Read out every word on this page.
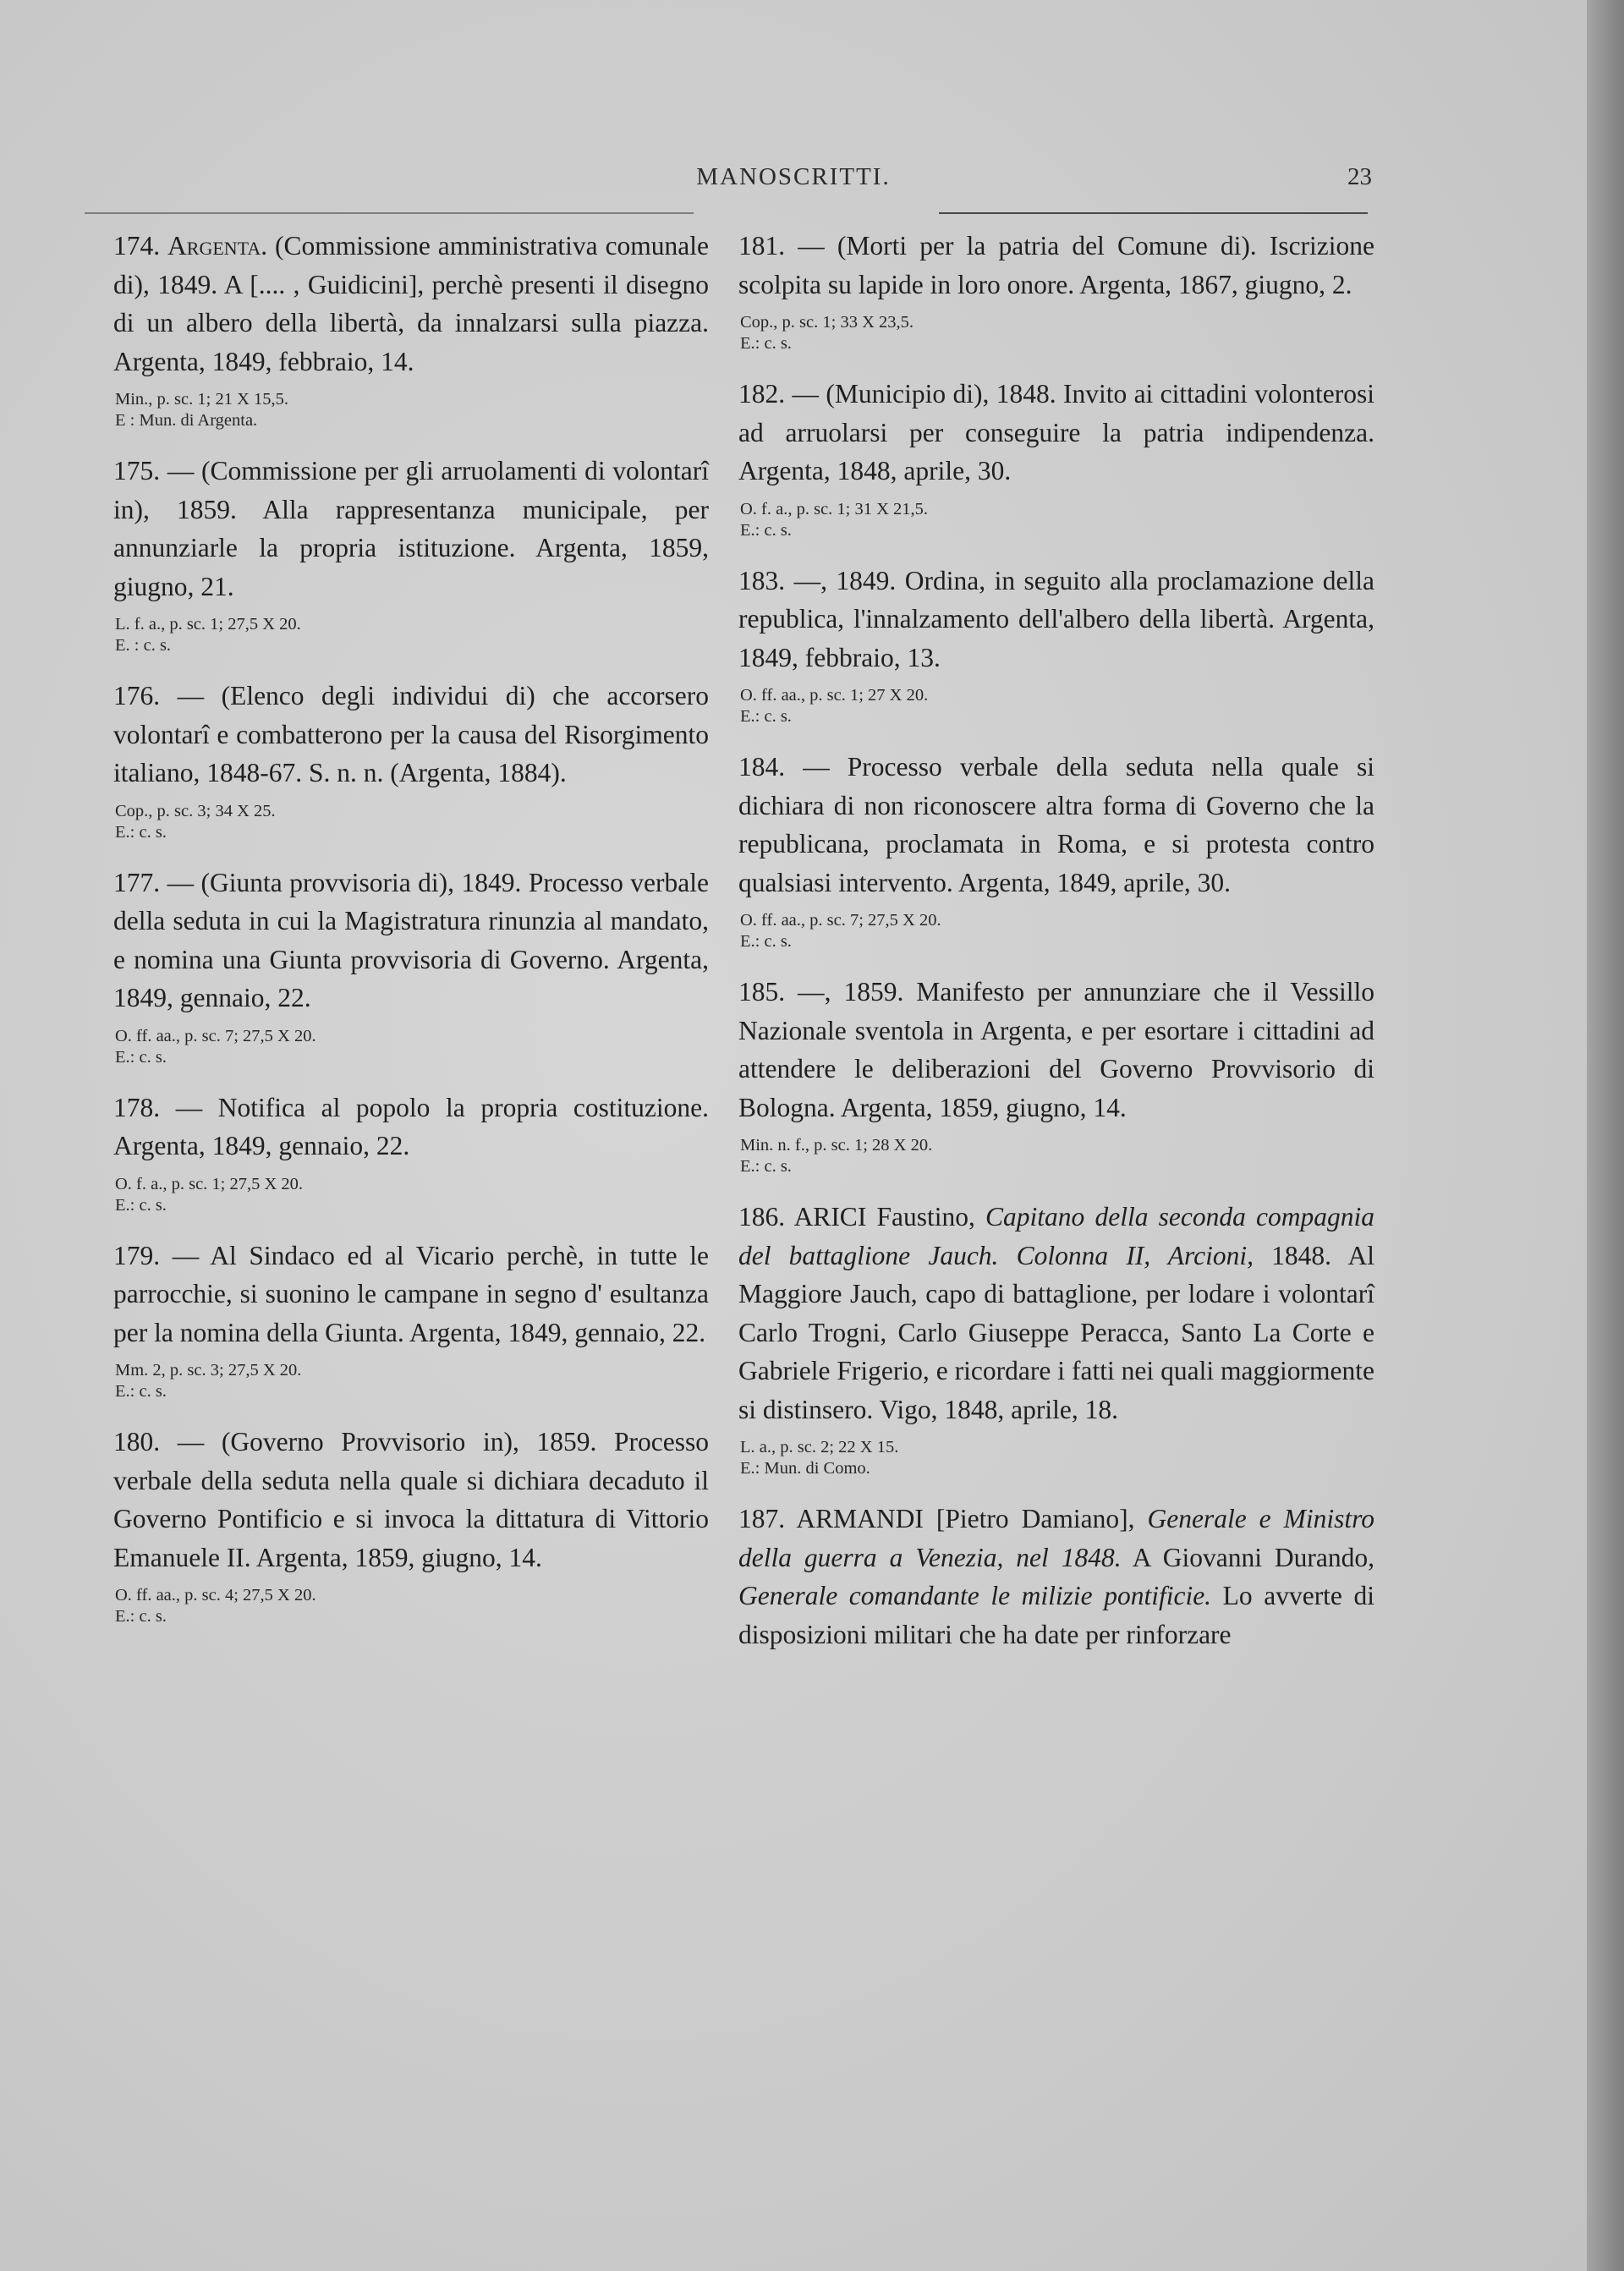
MANOSCRITTI.	23

174. Argenta. (Commissione amministrativa comunale di), 1849. A [.... , Guidicini], perchè presenti il disegno di un albero della libertà, da innalzarsi sulla piazza. Argenta, 1849, febbraio, 14.

Min., p. sc. 1; 21 X 15,5.
E : Mun. di Argenta.

175. — (Commissione per gli arruolamenti di volontarî in), 1859. Alla rappresentanza municipale, per annunziarle la propria istituzione. Argenta, 1859, giugno, 21.

L. f. a., p. sc. 1; 27,5 X 20.
E. : c. s.

176. — (Elenco degli individui di) che accorsero volontarî e combatterono per la causa del Risorgimento italiano, 1848-67. S. n. n. (Argenta, 1884).

Cop., p. sc. 3; 34 X 25.
E.: c. s.

177. — (Giunta provvisoria di), 1849. Processo verbale della seduta in cui la Magistratura rinunzia al mandato, e nomina una Giunta provvisoria di Governo. Argenta, 1849, gennaio, 22.

O. ff. aa., p. sc. 7; 27,5 X 20.
E.: c. s.

178. — Notifica al popolo la propria costituzione. Argenta, 1849, gennaio, 22.

O. f. a., p. sc. 1; 27,5 X 20.
E.: c. s.

179. — Al Sindaco ed al Vicario perchè, in tutte le parrocchie, si suonino le campane in segno d' esultanza per la nomina della Giunta. Argenta, 1849, gennaio, 22.

Mm. 2, p. sc. 3; 27,5 X 20.
E.: c. s.

180. — (Governo Provvisorio in), 1859. Processo verbale della seduta nella quale si dichiara decaduto il Governo Pontificio e si invoca la dittatura di Vittorio Emanuele II. Argenta, 1859, giugno, 14.

O. ff. aa., p. sc. 4; 27,5 X 20.
E.: c. s.

181. — (Morti per la patria del Comune di). Iscrizione scolpita su lapide in loro onore. Argenta, 1867, giugno, 2.

Cop., p. sc. 1; 33 X 23,5.
E.: c. s.

182. — (Municipio di), 1848. Invito ai cittadini volonterosi ad arruolarsi per conseguire la patria indipendenza. Argenta, 1848, aprile, 30.

O. f. a., p. sc. 1; 31 X 21,5.
E.: c. s.

183. —, 1849. Ordina, in seguito alla proclamazione della republica, l'innalzamento dell'albero della libertà. Argenta, 1849, febbraio, 13.

O. ff. aa., p. sc. 1; 27 X 20.
E.: c. s.

184. — Processo verbale della seduta nella quale si dichiara di non riconoscere altra forma di Governo che la republicana, proclamata in Roma, e si protesta contro qualsiasi intervento. Argenta, 1849, aprile, 30.

O. ff. aa., p. sc. 7; 27,5 X 20.
E.: c. s.

185. —, 1859. Manifesto per annunziare che il Vessillo Nazionale sventola in Argenta, e per esortare i cittadini ad attendere le deliberazioni del Governo Provvisorio di Bologna. Argenta, 1859, giugno, 14.

Min. n. f., p. sc. 1; 28 X 20.
E.: c. s.

186. ARICI Faustino, Capitano della seconda compagnia del battaglione Jauch. Colonna II, Arcioni, 1848. Al Maggiore Jauch, capo di battaglione, per lodare i volontarî Carlo Trogni, Carlo Giuseppe Peracca, Santo La Corte e Gabriele Frigerio, e ricordare i fatti nei quali maggiormente si distinsero. Vigo, 1848, aprile, 18.

L. a., p. sc. 2; 22 X 15.
E.: Mun. di Como.

187. ARMANDI [Pietro Damiano], Generale e Ministro della guerra a Venezia, nel 1848. A Giovanni Durando, Generale comandante le milizie pontificie. Lo avverte di disposizioni militari che ha date per rinforzare
